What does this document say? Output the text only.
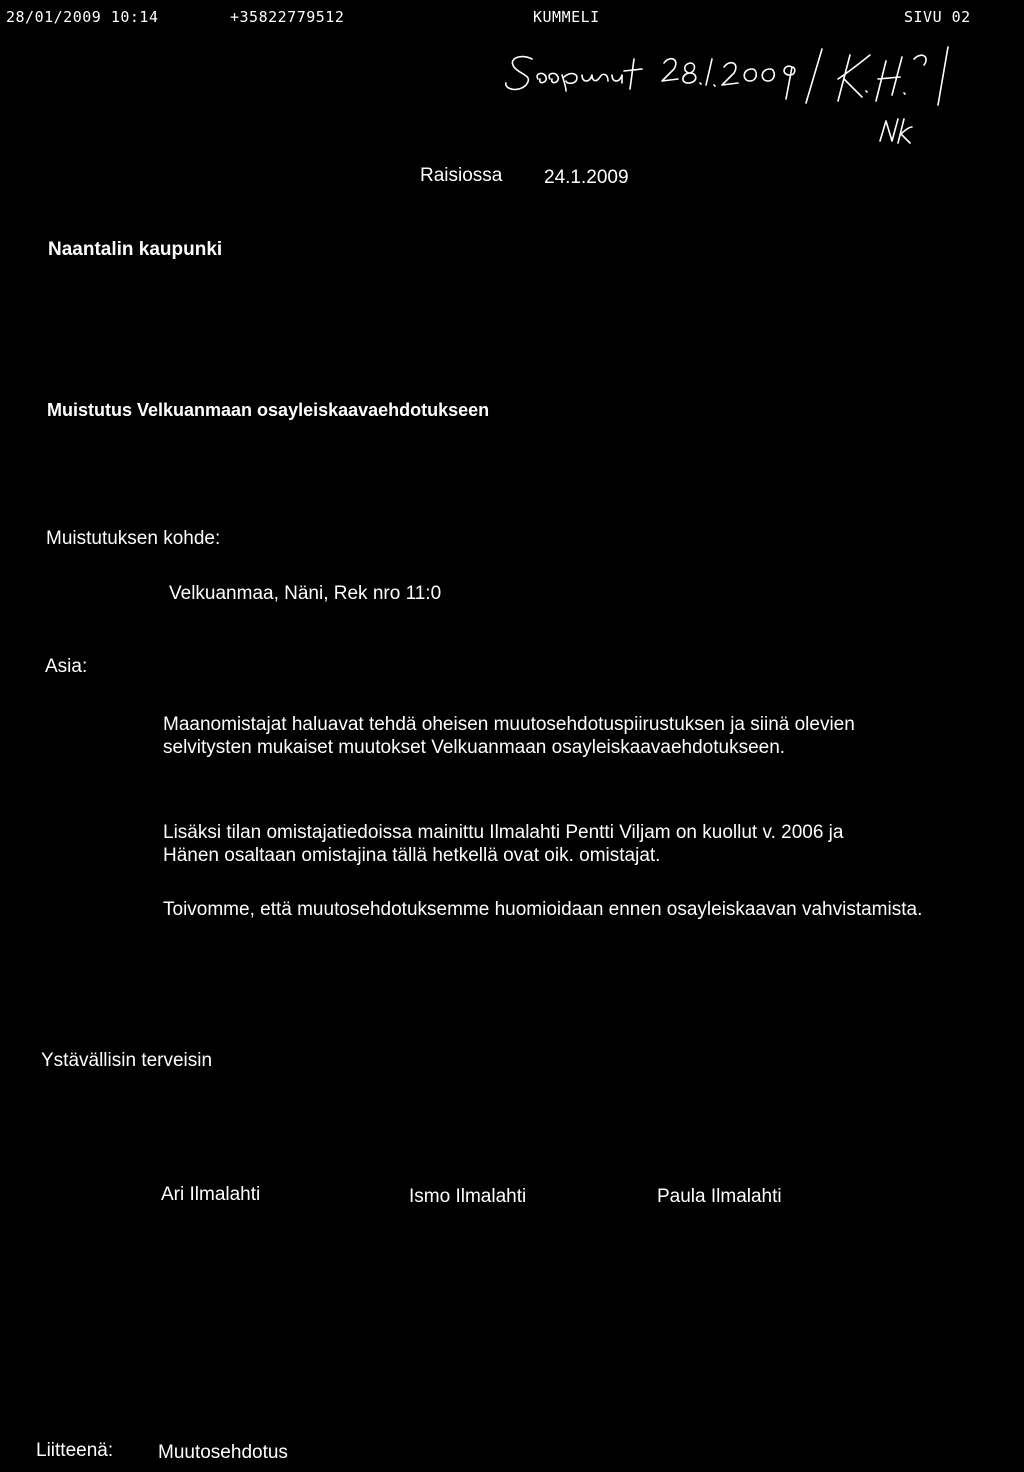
28/01/2009 10:14	+35822779512	KUMMELI	SIVU 02
Raisiossa 24.1.2009
Naantalin kaupunki
Muistutus Velkuanmaan osayleiskaavaehdotukseen
Muistutuksen kohde:
Velkuanmaa, Näni, Rek nro 11:0
Asia:
Maanomistajat haluavat tehdä oheisen muutosehdotuspiirustuksen ja siinä olevien selvitysten mukaiset muutokset Velkuanmaan osayleiskaavaehdotukseen.
Lisäksi tilan omistajatiedoissa mainittu Ilmalahti Pentti Viljam on kuollut v. 2006 ja Hänen osaltaan omistajina tällä hetkellä ovat oik. omistajat.
Toivomme, että muutosehdotuksemme huomioidaan ennen osayleiskaavan vahvistamista.
Ystävällisin terveisin
Ari Ilmalahti	Ismo Ilmalahti	Paula Ilmalahti
Liitteenä: Muutosehdotus
